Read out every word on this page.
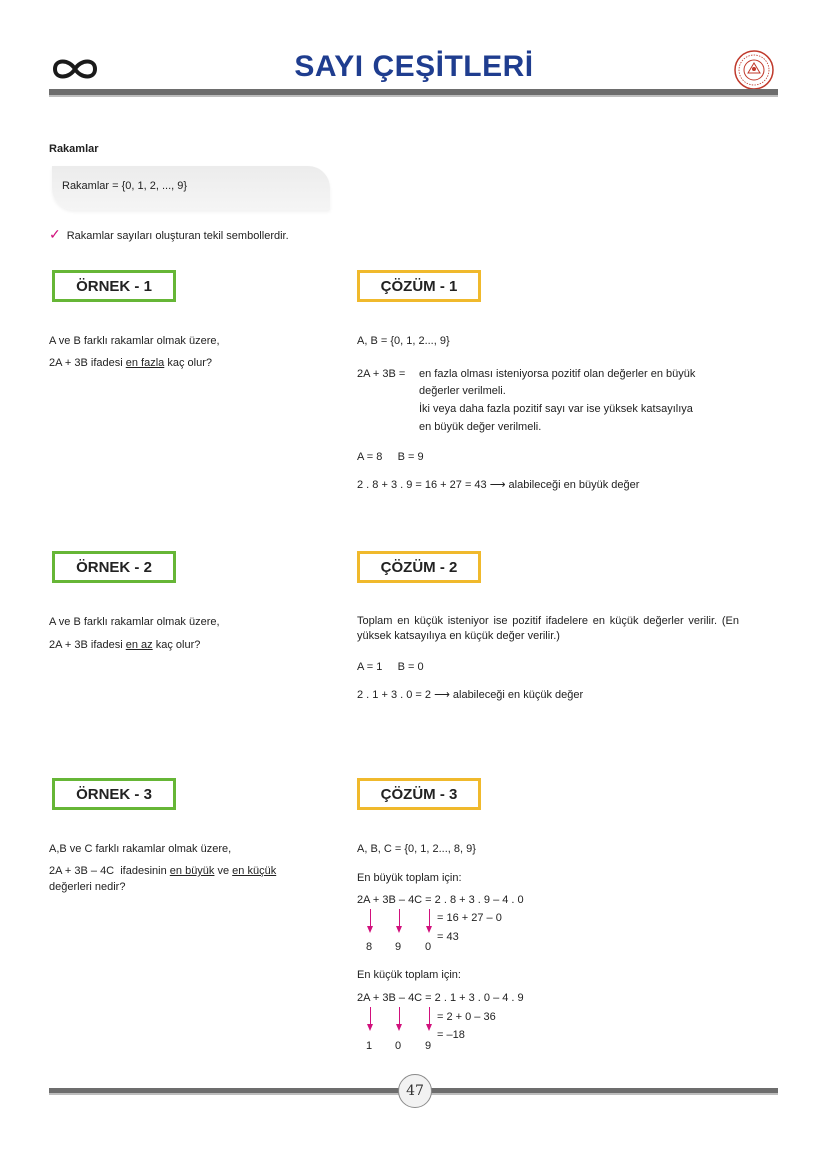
SAYI ÇEŞİTLERİ
Rakamlar
Rakamlar = {0, 1, 2, ..., 9}
✓ Rakamlar sayıları oluşturan tekil sembollerdir.
ÖRNEK - 1
A ve B farklı rakamlar olmak üzere,
2A + 3B ifadesi en fazla kaç olur?
ÇÖZÜM - 1
A, B = {0, 1, 2..., 9}
2A + 3B = en fazla olması isteniyorsa pozitif olan değerler en büyük
değerler verilmeli.
İki veya daha fazla pozitif sayı var ise yüksek katsayılıya
en büyük değer verilmeli.
A = 8     B = 9
2 . 8 + 3 . 9 = 16 + 27 = 43 ⟶ alabileceği en büyük değer
ÖRNEK - 2
A ve B farklı rakamlar olmak üzere,
2A + 3B ifadesi en az kaç olur?
ÇÖZÜM - 2
Toplam en küçük isteniyor ise pozitif ifadelere en küçük değerler verilir. (En yüksek katsayılıya en küçük değer verilir.)
A = 1     B = 0
2 . 1 + 3 . 0 = 2 ⟶ alabileceği en küçük değer
ÖRNEK - 3
A,B ve C farklı rakamlar olmak üzere,
2A + 3B – 4C  ifadesinin en büyük ve en küçük
değerleri nedir?
ÇÖZÜM - 3
A, B, C = {0, 1, 2..., 8, 9}
En büyük toplam için:
2A + 3B – 4C = 2 . 8 + 3 . 9 – 4 . 0
= 16 + 27 – 0
= 43
8 9 0
En küçük toplam için:
2A + 3B – 4C = 2 . 1 + 3 . 0 – 4 . 9
= 2 + 0 – 36
= –18
1 0 9
47
